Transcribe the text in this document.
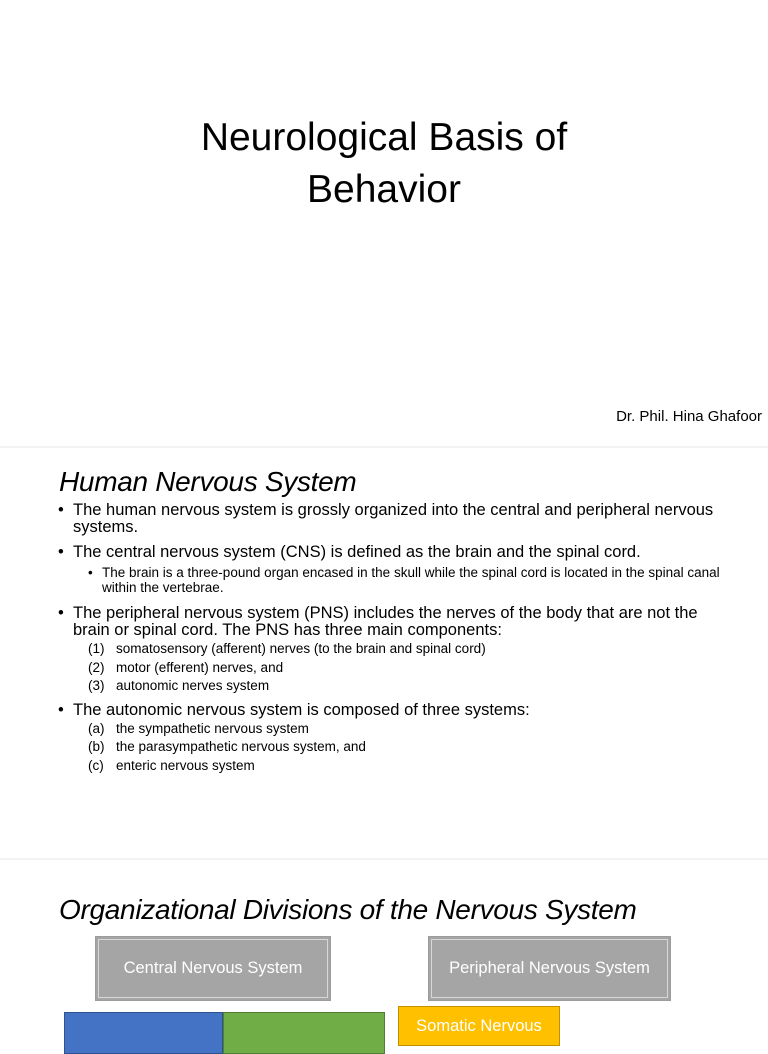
Neurological Basis of
Behavior
Dr. Phil. Hina Ghafoor
Human Nervous System
• The human nervous system is grossly organized into the central and peripheral nervous systems.
• The central nervous system (CNS) is defined as the brain and the spinal cord.
• The brain is a three-pound organ encased in the skull while the spinal cord is located in the spinal canal within the vertebrae.
• The peripheral nervous system (PNS) includes the nerves of the body that are not the brain or spinal cord. The PNS has three main components:
(1) somatosensory (afferent) nerves (to the brain and spinal cord)
(2) motor (efferent) nerves, and
(3) autonomic nerves system
• The autonomic nervous system is composed of three systems:
(a) the sympathetic nervous system
(b) the parasympathetic nervous system, and
(c) enteric nervous system
Organizational Divisions of the Nervous System
Central Nervous System	Peripheral Nervous System
Somatic Nervous
